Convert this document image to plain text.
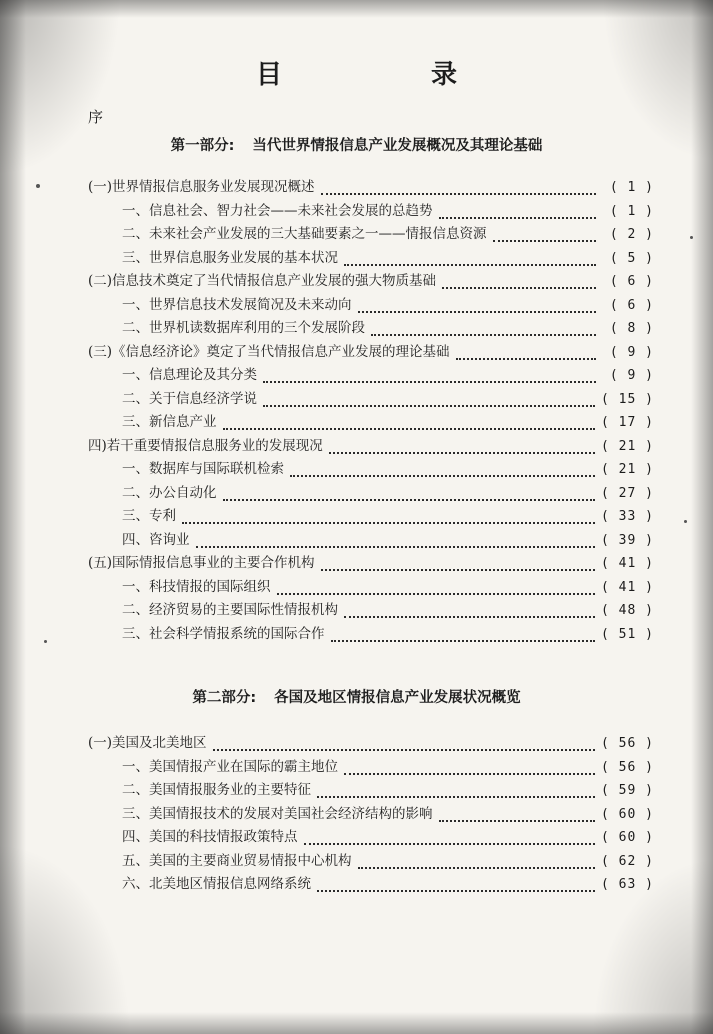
目 录
序
第一部分: 当代世界情报信息产业发展概况及其理论基础
(一)世界情报信息服务业发展现况概述	( 1 )
一、信息社会、智力社会——未来社会发展的总趋势	( 1 )
二、未来社会产业发展的三大基础要素之一——情报信息资源	( 2 )
三、世界信息服务业发展的基本状况	( 5 )
(二)信息技术奠定了当代情报信息产业发展的强大物质基础	( 6 )
一、世界信息技术发展简况及未来动向	( 6 )
二、世界机读数据库利用的三个发展阶段	( 8 )
(三)《信息经济论》奠定了当代情报信息产业发展的理论基础	( 9 )
一、信息理论及其分类	( 9 )
二、关于信息经济学说	( 15 )
三、新信息产业	( 17 )
四)若干重要情报信息服务业的发展现况	( 21 )
一、数据库与国际联机检索	( 21 )
二、办公自动化	( 27 )
三、专利	( 33 )
四、咨询业	( 39 )
(五)国际情报信息事业的主要合作机构	( 41 )
一、科技情报的国际组织	( 41 )
二、经济贸易的主要国际性情报机构	( 48 )
三、社会科学情报系统的国际合作	( 51 )
第二部分: 各国及地区情报信息产业发展状况概览
(一)美国及北美地区	( 56 )
一、美国情报产业在国际的霸主地位	( 56 )
二、美国情报服务业的主要特征	( 59 )
三、美国情报技术的发展对美国社会经济结构的影响	( 60 )
四、美国的科技情报政策特点	( 60 )
五、美国的主要商业贸易情报中心机构	( 62 )
六、北美地区情报信息网络系统	( 63 )
